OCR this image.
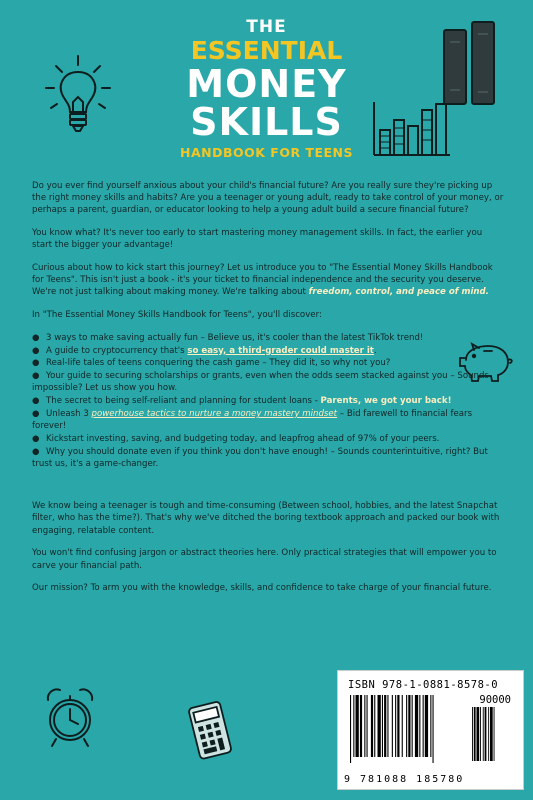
THE
ESSENTIAL
MONEY
SKILLS
HANDBOOK FOR TEENS

Do you ever find yourself anxious about your child's financial future? Are you really sure they're picking up the right money skills and habits? Are you a teenager or young adult, ready to take control of your money, or perhaps a parent, guardian, or educator looking to help a young adult build a secure financial future?

You know what? It's never too early to start mastering money management skills. In fact, the earlier you start the bigger your advantage!

Curious about how to kick start this journey? Let us introduce you to "The Essential Money Skills Handbook for Teens". This isn't just a book - it's your ticket to financial independence and the security you deserve. We're not just talking about making money. We're talking about freedom, control, and peace of mind.

In "The Essential Money Skills Handbook for Teens", you'll discover:

● 3 ways to make saving actually fun – Believe us, it's cooler than the latest TikTok trend!
● A guide to cryptocurrency that's so easy, a third-grader could master it.
● Real-life tales of teens conquering the cash game – They did it, so why not you?
● Your guide to securing scholarships or grants, even when the odds seem stacked against you – Sounds impossible? Let us show you how.
● The secret to being self-reliant and planning for student loans - Parents, we got your back!
● Unleash 3 powerhouse tactics to nurture a money mastery mindset – Bid farewell to financial fears forever!
● Kickstart investing, saving, and budgeting today, and leapfrog ahead of 97% of your peers.
● Why you should donate even if you think you don't have enough! – Sounds counterintuitive, right? But trust us, it's a game-changer.

We know being a teenager is tough and time-consuming (Between school, hobbies, and the latest Snapchat filter, who has the time?). That's why we've ditched the boring textbook approach and packed our book with engaging, relatable content.

You won't find confusing jargon or abstract theories here. Only practical strategies that will empower you to carve your financial path.

Our mission? To arm you with the knowledge, skills, and confidence to take charge of your financial future.

ISBN 978-1-0881-8578-0
90000
9 781088 185780
